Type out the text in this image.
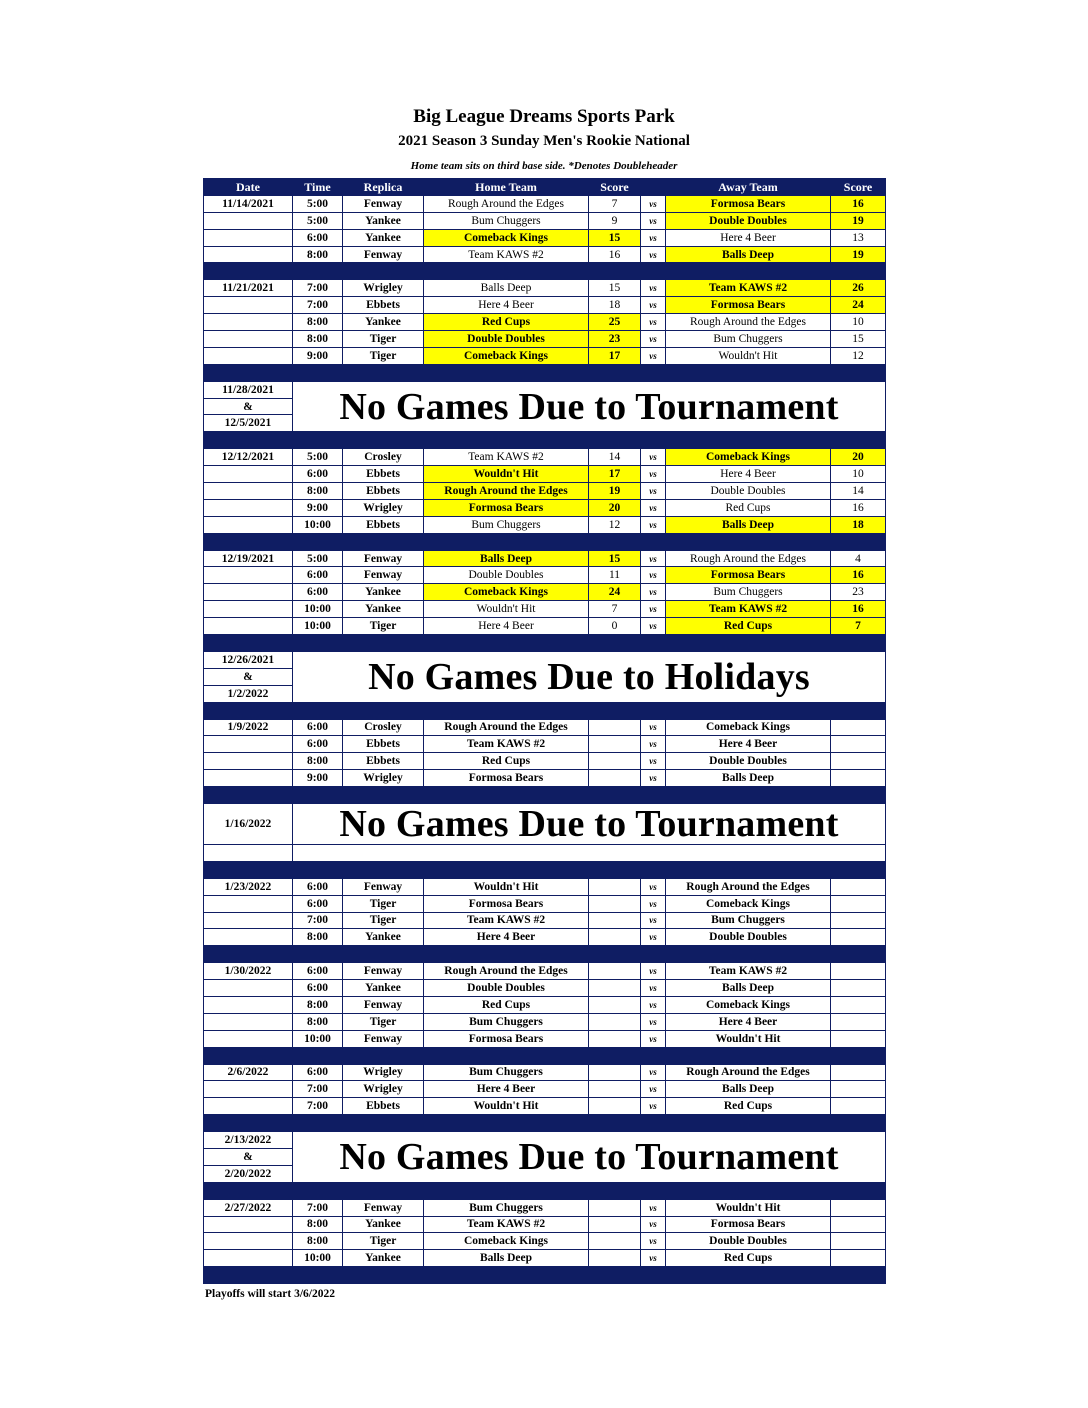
Big League Dreams Sports Park
2021 Season 3 Sunday Men's Rookie National
Home team sits on third base side. *Denotes Doubleheader
Date	Time	Replica	Home Team	Score		Away Team	Score
11/14/2021	5:00	Fenway	Rough Around the Edges	7	vs	Formosa Bears	16
	5:00	Yankee	Bum Chuggers	9	vs	Double Doubles	19
	6:00	Yankee	Comeback Kings	15	vs	Here 4 Beer	13
	8:00	Fenway	Team KAWS #2	16	vs	Balls Deep	19

11/21/2021	7:00	Wrigley	Balls Deep	15	vs	Team KAWS #2	26
	7:00	Ebbets	Here 4 Beer	18	vs	Formosa Bears	24
	8:00	Yankee	Red Cups	25	vs	Rough Around the Edges	10
	8:00	Tiger	Double Doubles	23	vs	Bum Chuggers	15
	9:00	Tiger	Comeback Kings	17	vs	Wouldn't Hit	12

11/28/2021	No Games Due to Tournament						
&							
12/5/2021							

12/12/2021	5:00	Crosley	Team KAWS #2	14	vs	Comeback Kings	20
	6:00	Ebbets	Wouldn't Hit	17	vs	Here 4 Beer	10
	8:00	Ebbets	Rough Around the Edges	19	vs	Double Doubles	14
	9:00	Wrigley	Formosa Bears	20	vs	Red Cups	16
	10:00	Ebbets	Bum Chuggers	12	vs	Balls Deep	18

12/19/2021	5:00	Fenway	Balls Deep	15	vs	Rough Around the Edges	4
	6:00	Fenway	Double Doubles	11	vs	Formosa Bears	16
	6:00	Yankee	Comeback Kings	24	vs	Bum Chuggers	23
	10:00	Yankee	Wouldn't Hit	7	vs	Team KAWS #2	16
	10:00	Tiger	Here 4 Beer	0	vs	Red Cups	7

12/26/2021	No Games Due to Holidays						
&							
1/2/2022							

1/9/2022	6:00	Crosley	Rough Around the Edges		vs	Comeback Kings	
	6:00	Ebbets	Team KAWS #2		vs	Here 4 Beer	
	8:00	Ebbets	Red Cups		vs	Double Doubles	
	9:00	Wrigley	Formosa Bears		vs	Balls Deep	

1/16/2022	No Games Due to Tournament						

1/23/2022	6:00	Fenway	Wouldn't Hit		vs	Rough Around the Edges	
	6:00	Tiger	Formosa Bears		vs	Comeback Kings	
	7:00	Tiger	Team KAWS #2		vs	Bum Chuggers	
	8:00	Yankee	Here 4 Beer		vs	Double Doubles	

1/30/2022	6:00	Fenway	Rough Around the Edges		vs	Team KAWS #2	
	6:00	Yankee	Double Doubles		vs	Balls Deep	
	8:00	Fenway	Red Cups		vs	Comeback Kings	
	8:00	Tiger	Bum Chuggers		vs	Here 4 Beer	
	10:00	Fenway	Formosa Bears		vs	Wouldn't Hit	

2/6/2022	6:00	Wrigley	Bum Chuggers		vs	Rough Around the Edges	
	7:00	Wrigley	Here 4 Beer		vs	Balls Deep	
	7:00	Ebbets	Wouldn't Hit		vs	Red Cups	

2/13/2022	No Games Due to Tournament						
&							
2/20/2022							

2/27/2022	7:00	Fenway	Bum Chuggers		vs	Wouldn't Hit	
	8:00	Yankee	Team KAWS #2		vs	Formosa Bears	
	8:00	Tiger	Comeback Kings		vs	Double Doubles	
	10:00	Yankee	Balls Deep		vs	Red Cups	

Playoffs will start 3/6/2022
